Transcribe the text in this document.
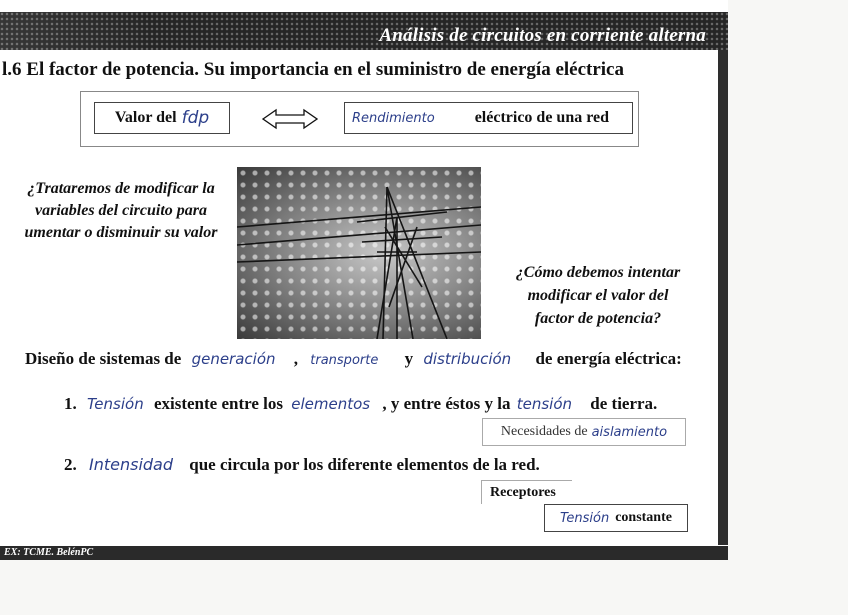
Análisis de circuitos en corriente alterna
EX: TCME. BelénPC
l.6 El factor de potencia. Su importancia en el suministro de energía eléctrica
Valor del fdp	Rendimiento	eléctrico de una red
¿Trataremos de modificar la
variables del circuito para
umentar o disminuir su valor
¿Cómo debemos intentar
modificar el valor del
factor de potencia?
Diseño de sistemas de generación , transporte y distribución de energía eléctrica:
1. Tensión existente entre los elementos , y entre éstos y la tensión de tierra.
Necesidades de aislamiento
2. Intensidad que circula por los diferente elementos de la red.
Receptores
Tensión constante
